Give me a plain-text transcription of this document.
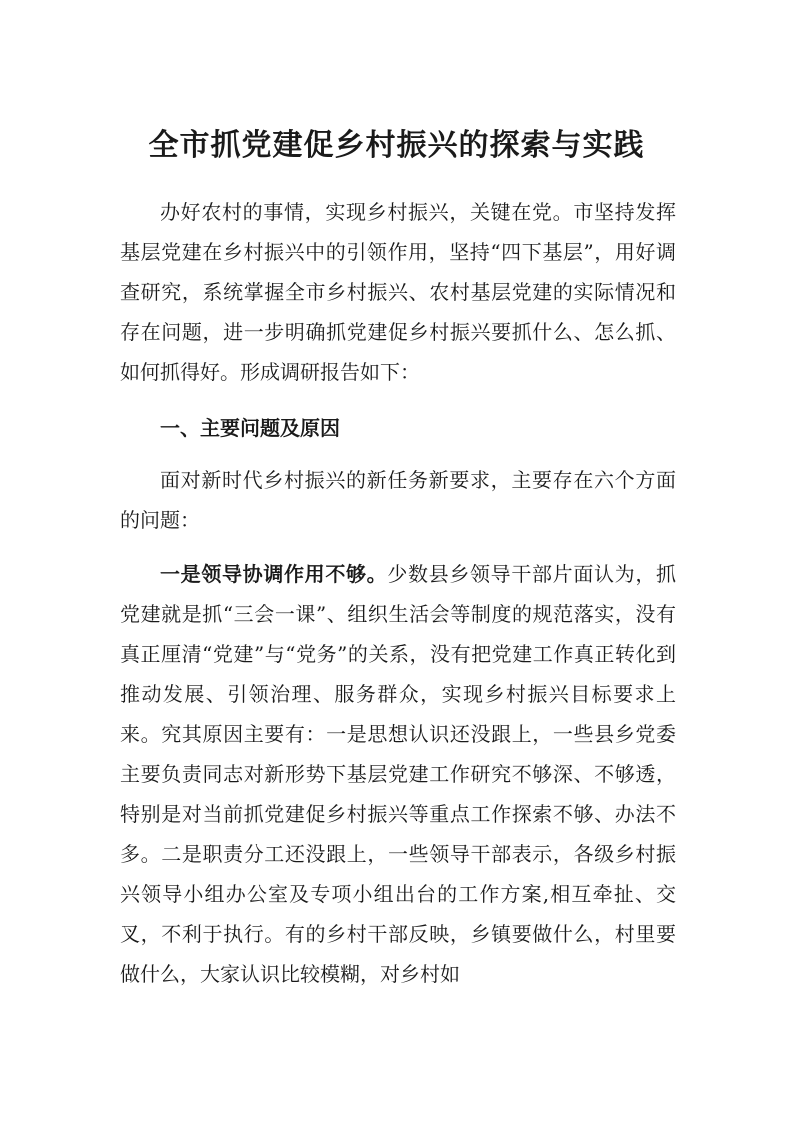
全市抓党建促乡村振兴的探索与实践

办好农村的事情，实现乡村振兴，关键在党。市坚持发挥基层党建在乡村振兴中的引领作用，坚持“四下基层”，用好调查研究，系统掌握全市乡村振兴、农村基层党建的实际情况和存在问题，进一步明确抓党建促乡村振兴要抓什么、怎么抓、如何抓得好。形成调研报告如下：

一、主要问题及原因

面对新时代乡村振兴的新任务新要求，主要存在六个方面的问题：

一是领导协调作用不够。少数县乡领导干部片面认为，抓党建就是抓“三会一课”、组织生活会等制度的规范落实，没有真正厘清“党建”与“党务”的关系，没有把党建工作真正转化到推动发展、引领治理、服务群众，实现乡村振兴目标要求上来。究其原因主要有：一是思想认识还没跟上，一些县乡党委主要负责同志对新形势下基层党建工作研究不够深、不够透，特别是对当前抓党建促乡村振兴等重点工作探索不够、办法不多。二是职责分工还没跟上，一些领导干部表示，各级乡村振兴领导小组办公室及专项小组出台的工作方案,相互牵扯、交叉，不利于执行。有的乡村干部反映，乡镇要做什么，村里要做什么，大家认识比较模糊，对乡村如
